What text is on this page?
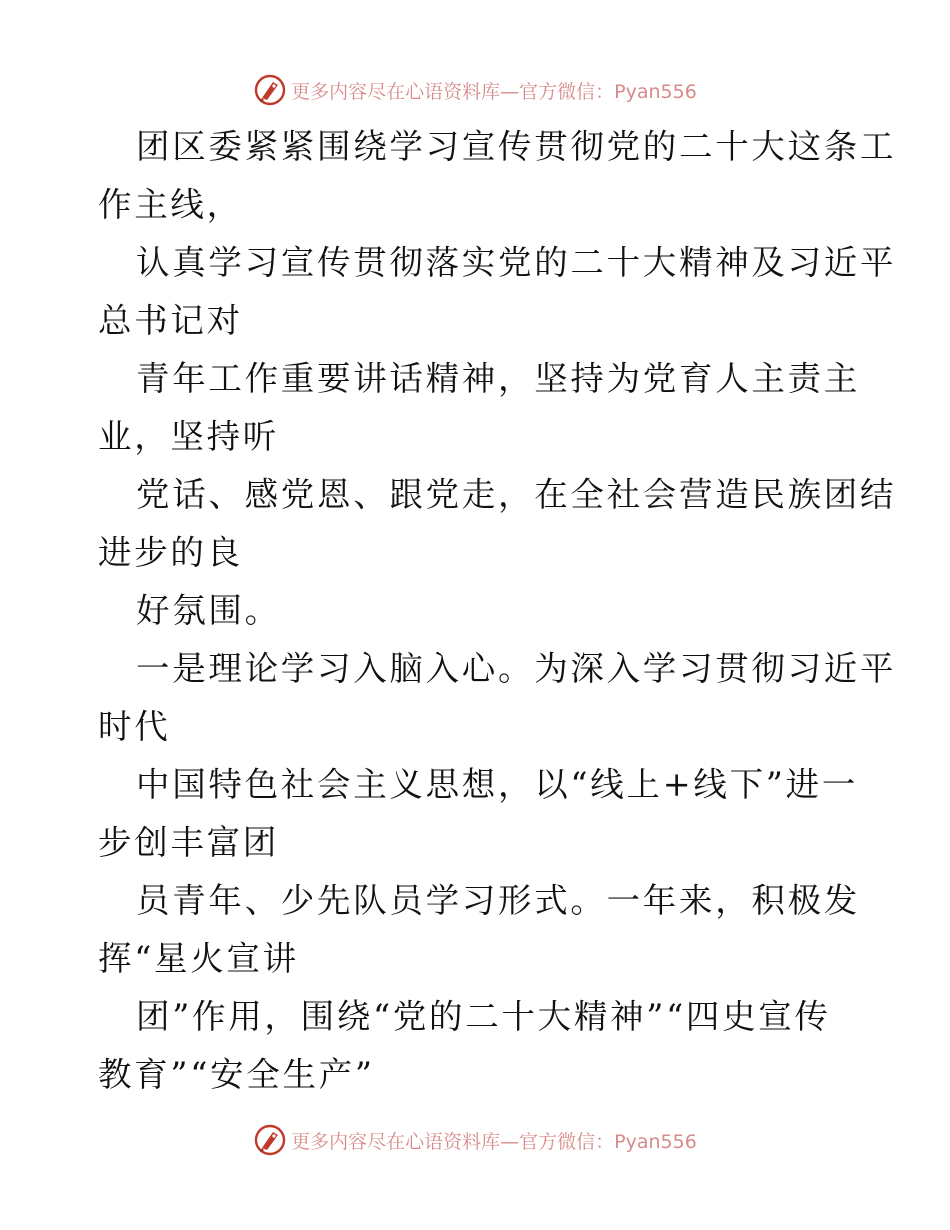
更多内容尽在心语资料库—官方微信：Pyan556
团区委紧紧围绕学习宣传贯彻党的二十大这条工
作主线，
认真学习宣传贯彻落实党的二十大精神及习近平
总书记对
青年工作重要讲话精神，坚持为党育人主责主
业，坚持听
党话、感党恩、跟党走，在全社会营造民族团结
进步的良
好氛围。
一是理论学习入脑入心。为深入学习贯彻习近平
时代
中国特色社会主义思想，以“线上+线下”进一
步创丰富团
员青年、少先队员学习形式。一年来，积极发
挥“星火宣讲
团”作用，围绕“党的二十大精神”“四史宣传
教育”“安全生产”
更多内容尽在心语资料库—官方微信：Pyan556
